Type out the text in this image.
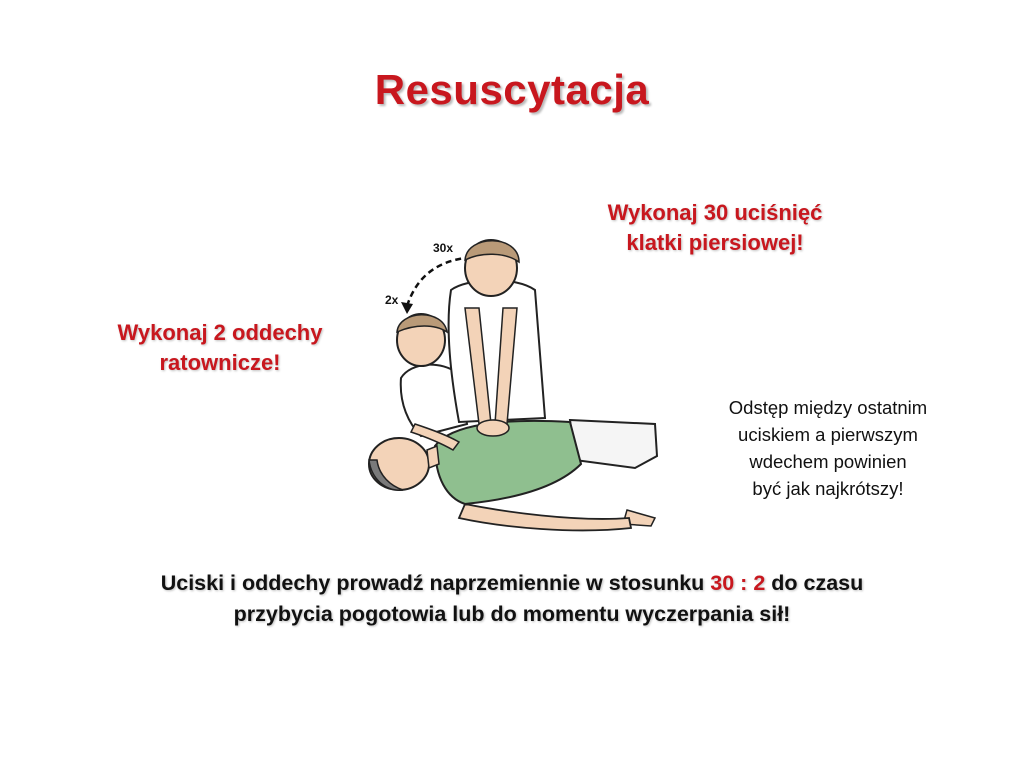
Resuscytacja
Wykonaj 30 uciśnięć
klatki piersiowej!
Wykonaj 2 oddechy
ratownicze!
Odstęp między ostatnim
uciskiem a pierwszym
wdechem powinien
być jak najkrótszy!
30x
2x
Uciski i oddechy prowadź naprzemiennie w stosunku 30 : 2 do czasu
przybycia pogotowia lub do momentu wyczerpania sił!
